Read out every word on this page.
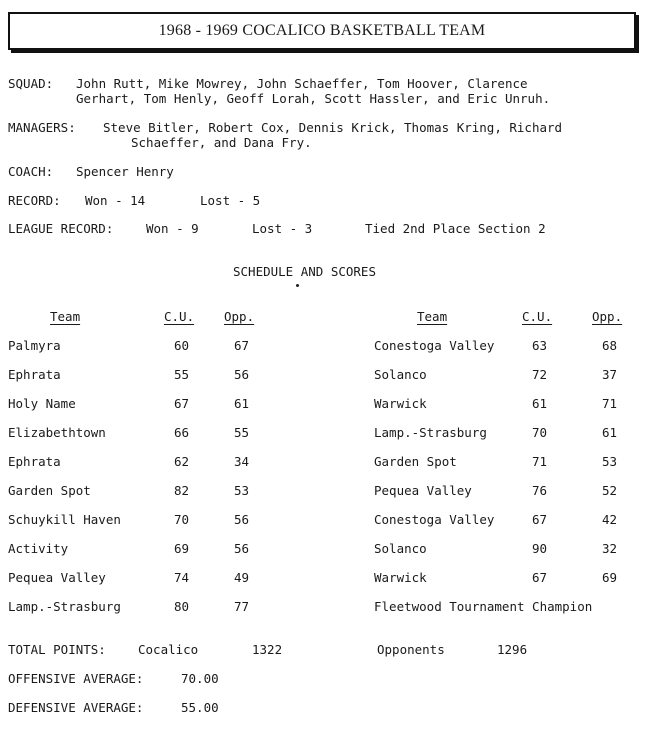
1968 - 1969 COCALICO BASKETBALL TEAM
SQUAD: John Rutt, Mike Mowrey, John Schaeffer, Tom Hoover, Clarence
Gerhart, Tom Henly, Geoff Lorah, Scott Hassler, and Eric Unruh.
MANAGERS: Steve Bitler, Robert Cox, Dennis Krick, Thomas Kring, Richard
Schaeffer, and Dana Fry.
COACH: Spencer Henry
RECORD: Won - 14	Lost - 5
LEAGUE RECORD:	Won - 9	Lost - 3	Tied 2nd Place Section 2
SCHEDULE AND SCORES
Team	C.U. Opp.	Team	C.U.	Opp.
Palmyra	60	67
Ephrata	55	56
Holy Name	67	61
Elizabethtown	66	55
Ephrata	62	34
Garden Spot	82	53
Schuykill Haven	70	56
Activity	69	56
Pequea Valley	74	49
Lamp.-Strasburg	80	77
Conestoga Valley	63	68
Solanco	72	37
Warwick	61	71
Lamp.-Strasburg	70	61
Garden Spot	71	53
Pequea Valley	76	52
Conestoga Valley	67	42
Solanco	90	32
Warwick	67	69
Fleetwood Tournament Champion
TOTAL POINTS:	Cocalico	1322	Opponents	1296
OFFENSIVE AVERAGE:	70.00
DEFENSIVE AVERAGE:	55.00
